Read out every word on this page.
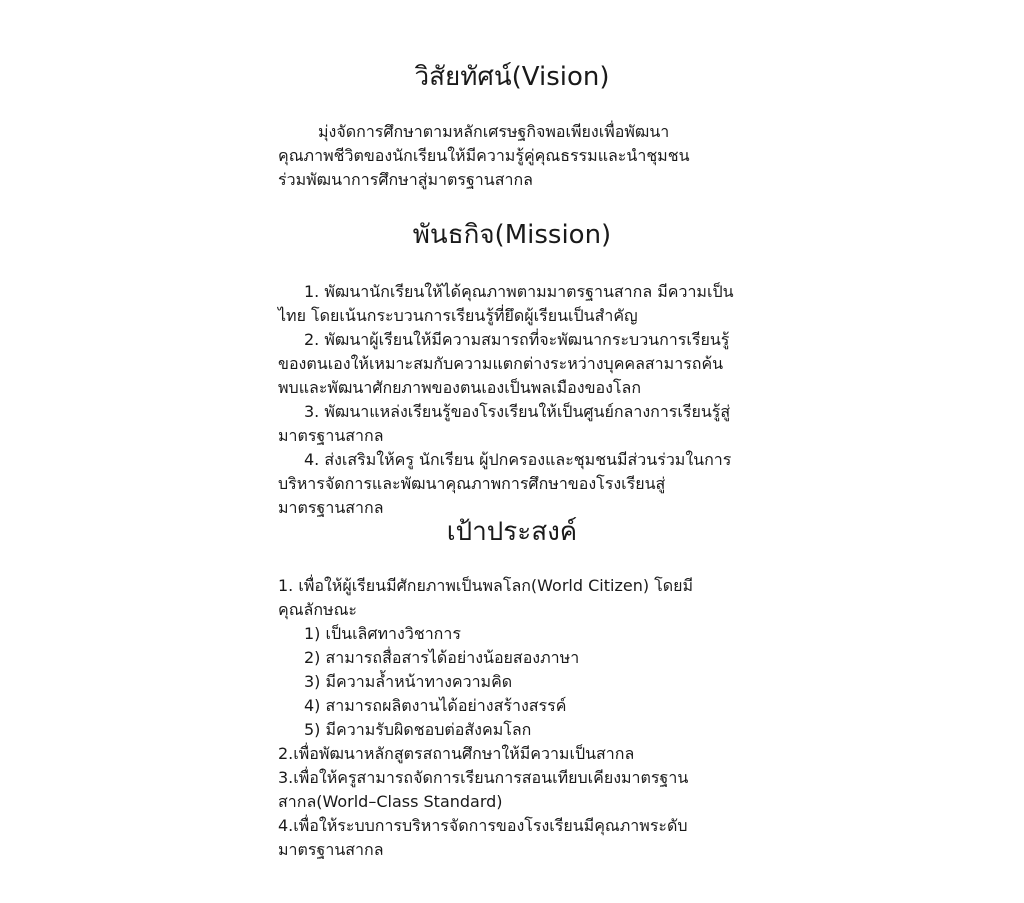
วิสัยทัศน์(Vision)
มุ่งจัดการศึกษาตามหลักเศรษฐกิจพอเพียงเพื่อพัฒนา
คุณภาพชีวิตของนักเรียนให้มีความรู้คู่คุณธรรมและนำชุมชน
ร่วมพัฒนาการศึกษาสู่มาตรฐานสากล
พันธกิจ(Mission)
1. พัฒนานักเรียนให้ได้คุณภาพตามมาตรฐานสากล มีความเป็น
ไทย โดยเน้นกระบวนการเรียนรู้ที่ยึดผู้เรียนเป็นสำคัญ
2. พัฒนาผู้เรียนให้มีความสมารถที่จะพัฒนากระบวนการเรียนรู้
ของตนเองให้เหมาะสมกับความแตกต่างระหว่างบุคคลสามารถค้น
พบและพัฒนาศักยภาพของตนเองเป็นพลเมืองของโลก
3. พัฒนาแหล่งเรียนรู้ของโรงเรียนให้เป็นศูนย์กลางการเรียนรู้สู่
มาตรฐานสากล
4. ส่งเสริมให้ครู นักเรียน ผู้ปกครองและชุมชนมีส่วนร่วมในการ
บริหารจัดการและพัฒนาคุณภาพการศึกษาของโรงเรียนสู่
มาตรฐานสากล
เป้าประสงค์
1. เพื่อให้ผู้เรียนมีศักยภาพเป็นพลโลก(World Citizen) โดยมี
คุณลักษณะ
1) เป็นเลิศทางวิชาการ
2) สามารถสื่อสารได้อย่างน้อยสองภาษา
3) มีความล้ำหน้าทางความคิด
4) สามารถผลิตงานได้อย่างสร้างสรรค์
5) มีความรับผิดชอบต่อสังคมโลก
2.เพื่อพัฒนาหลักสูตรสถานศึกษาให้มีความเป็นสากล
3.เพื่อให้ครูสามารถจัดการเรียนการสอนเทียบเคียงมาตรฐาน
สากล(World–Class Standard)
4.เพื่อให้ระบบการบริหารจัดการของโรงเรียนมีคุณภาพระดับ
มาตรฐานสากล
